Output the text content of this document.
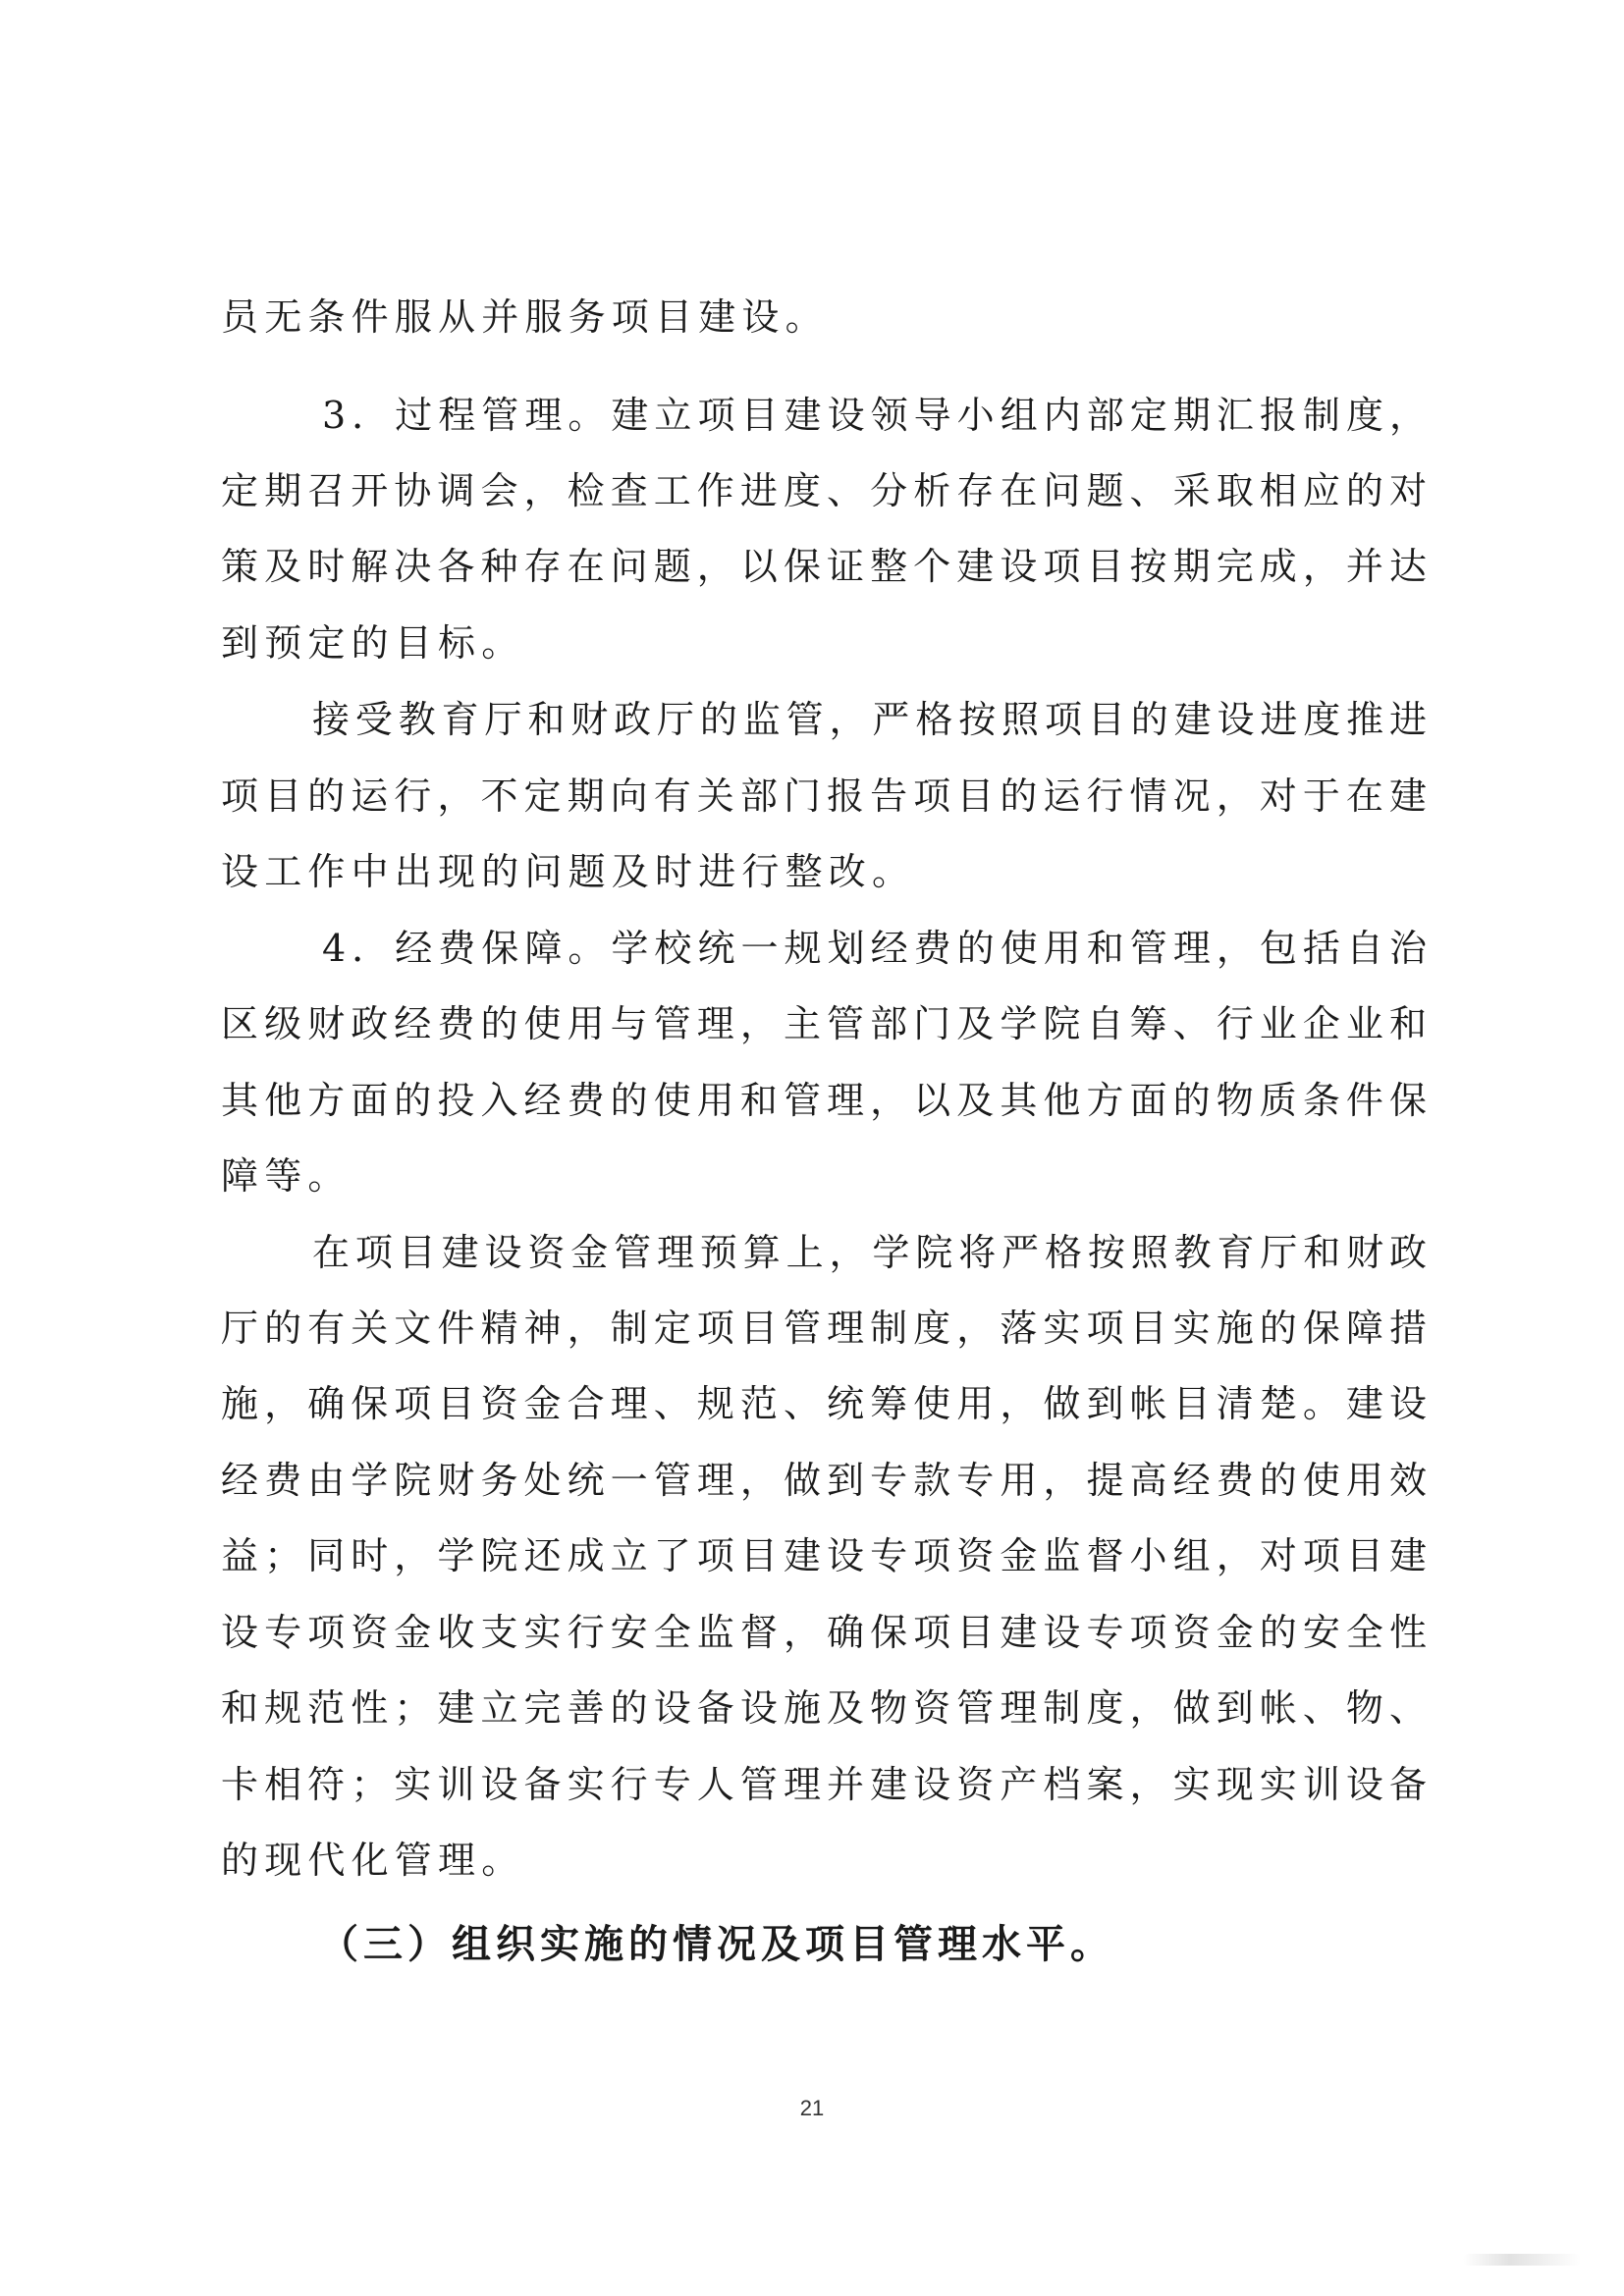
员无条件服从并服务项目建设。
3．过程管理。建立项目建设领导小组内部定期汇报制度，
定期召开协调会，检查工作进度、分析存在问题、采取相应的对
策及时解决各种存在问题，以保证整个建设项目按期完成，并达
到预定的目标。
接受教育厅和财政厅的监管，严格按照项目的建设进度推进
项目的运行，不定期向有关部门报告项目的运行情况，对于在建
设工作中出现的问题及时进行整改。
4．经费保障。学校统一规划经费的使用和管理，包括自治
区级财政经费的使用与管理，主管部门及学院自筹、行业企业和
其他方面的投入经费的使用和管理，以及其他方面的物质条件保
障等。
在项目建设资金管理预算上，学院将严格按照教育厅和财政
厅的有关文件精神，制定项目管理制度，落实项目实施的保障措
施，确保项目资金合理、规范、统筹使用，做到帐目清楚。建设
经费由学院财务处统一管理，做到专款专用，提高经费的使用效
益；同时，学院还成立了项目建设专项资金监督小组，对项目建
设专项资金收支实行安全监督，确保项目建设专项资金的安全性
和规范性；建立完善的设备设施及物资管理制度，做到帐、物、
卡相符；实训设备实行专人管理并建设资产档案，实现实训设备
的现代化管理。
（三）组织实施的情况及项目管理水平。
21
